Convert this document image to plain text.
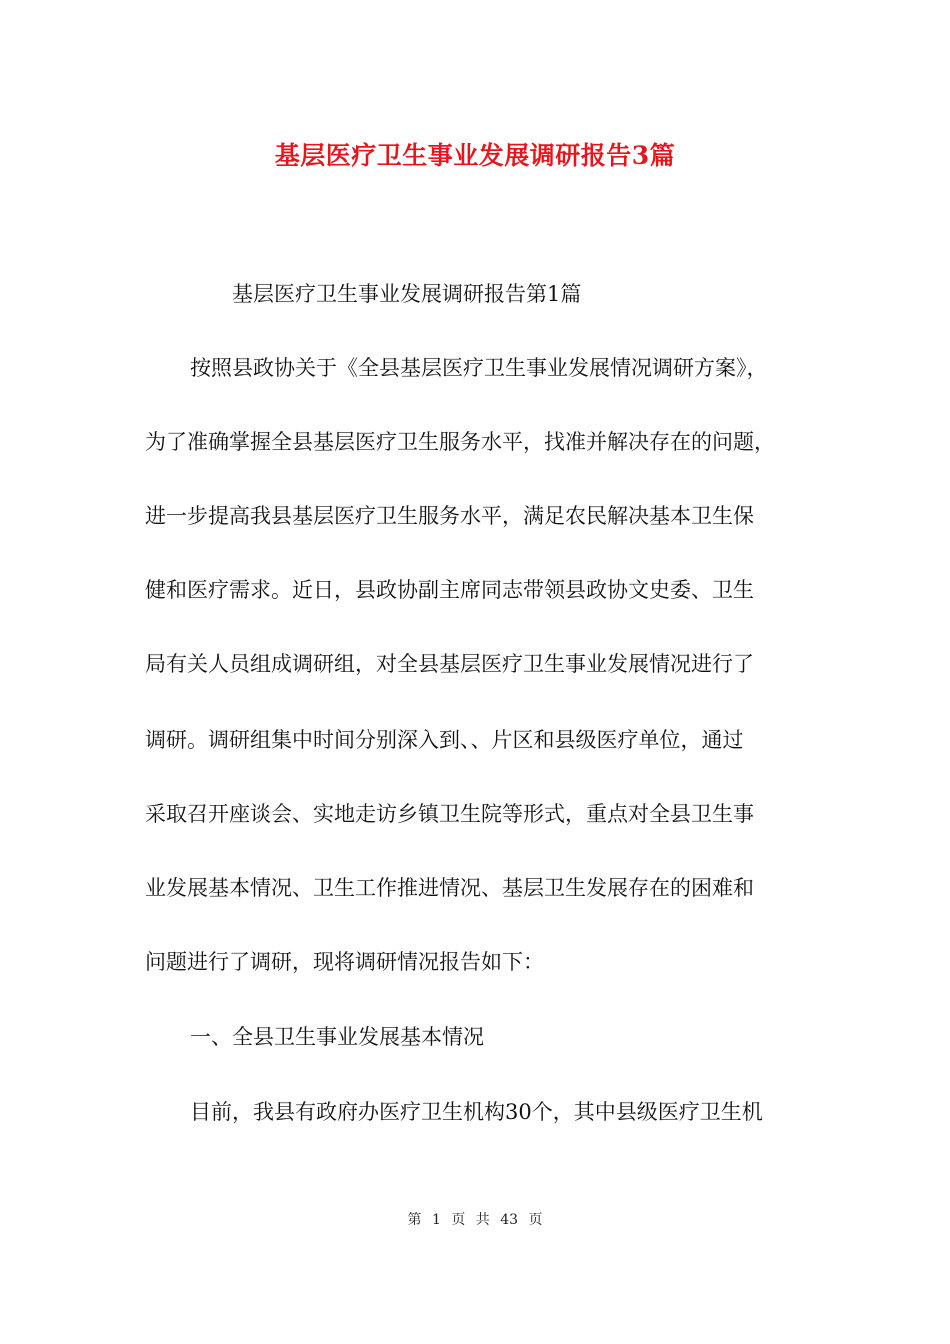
基层医疗卫生事业发展调研报告3篇
基层医疗卫生事业发展调研报告第1篇
按照县政协关于《全县基层医疗卫生事业发展情况调研方案》，
为了准确掌握全县基层医疗卫生服务水平，找准并解决存在的问题，
进一步提高我县基层医疗卫生服务水平，满足农民解决基本卫生保
健和医疗需求。近日，县政协副主席同志带领县政协文史委、卫生
局有关人员组成调研组，对全县基层医疗卫生事业发展情况进行了
调研。调研组集中时间分别深入到、、片区和县级医疗单位，通过
采取召开座谈会、实地走访乡镇卫生院等形式，重点对全县卫生事
业发展基本情况、卫生工作推进情况、基层卫生发展存在的困难和
问题进行了调研，现将调研情况报告如下：
一、全县卫生事业发展基本情况
目前，我县有政府办医疗卫生机构30个，其中县级医疗卫生机
第 1 页 共 43 页
